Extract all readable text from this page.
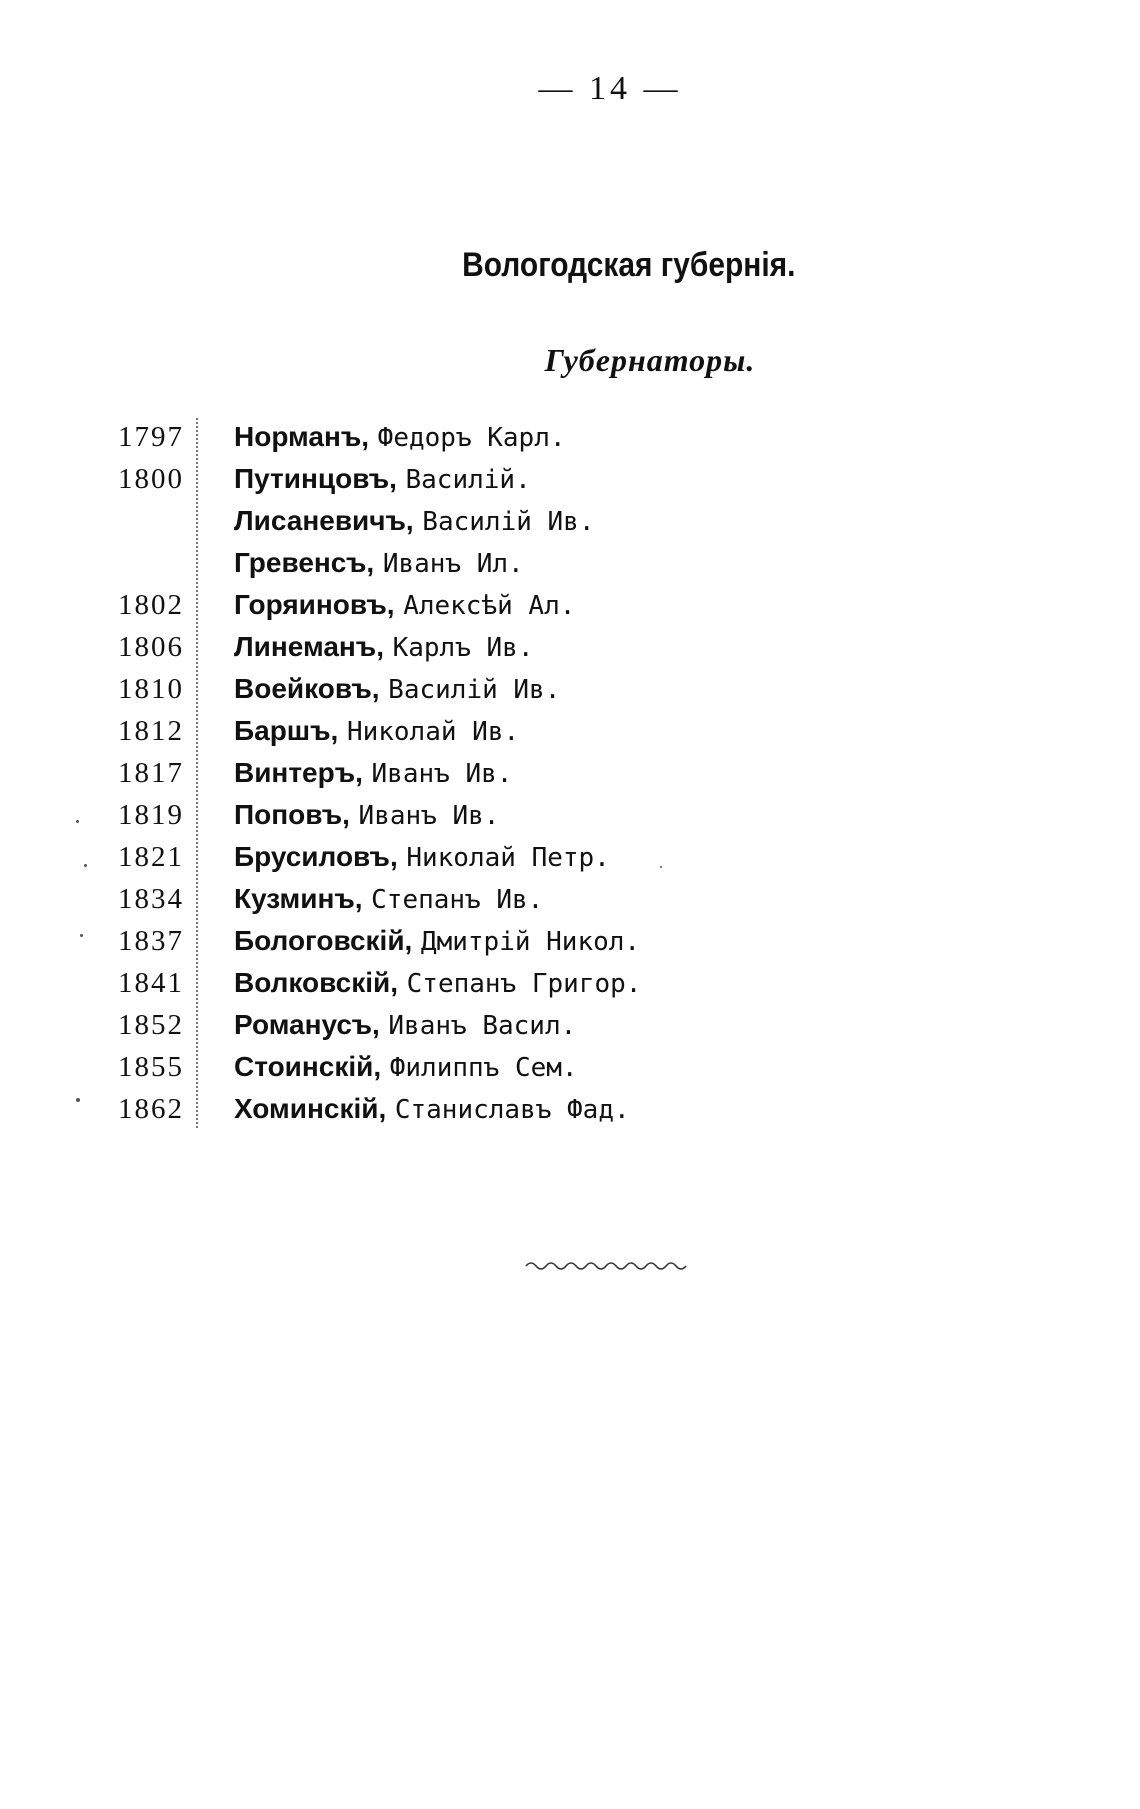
— 14 —
Вологодская губернія.
Губернаторы.
1797 Норманъ, Федоръ Карл.
1800 Путинцовъ, Василій.
Лисаневичъ, Василій Ив.
Гревенсъ, Иванъ Ил.
1802 Горяиновъ, Алексѣй Ал.
1806 Линеманъ, Карлъ Ив.
1810 Воейковъ, Василій Ив.
1812 Баршъ, Николай Ив.
1817 Винтеръ, Иванъ Ив.
1819 Поповъ, Иванъ Ив.
1821 Брусиловъ, Николай Петр.
1834 Кузминъ, Степанъ Ив.
1837 Бологовскій, Дмитрій Никол.
1841 Волковскій, Степанъ Григор.
1852 Романусъ, Иванъ Васил.
1855 Стоинскій, Филиппъ Сем.
1862 Хоминскій, Станиславъ Фад.
